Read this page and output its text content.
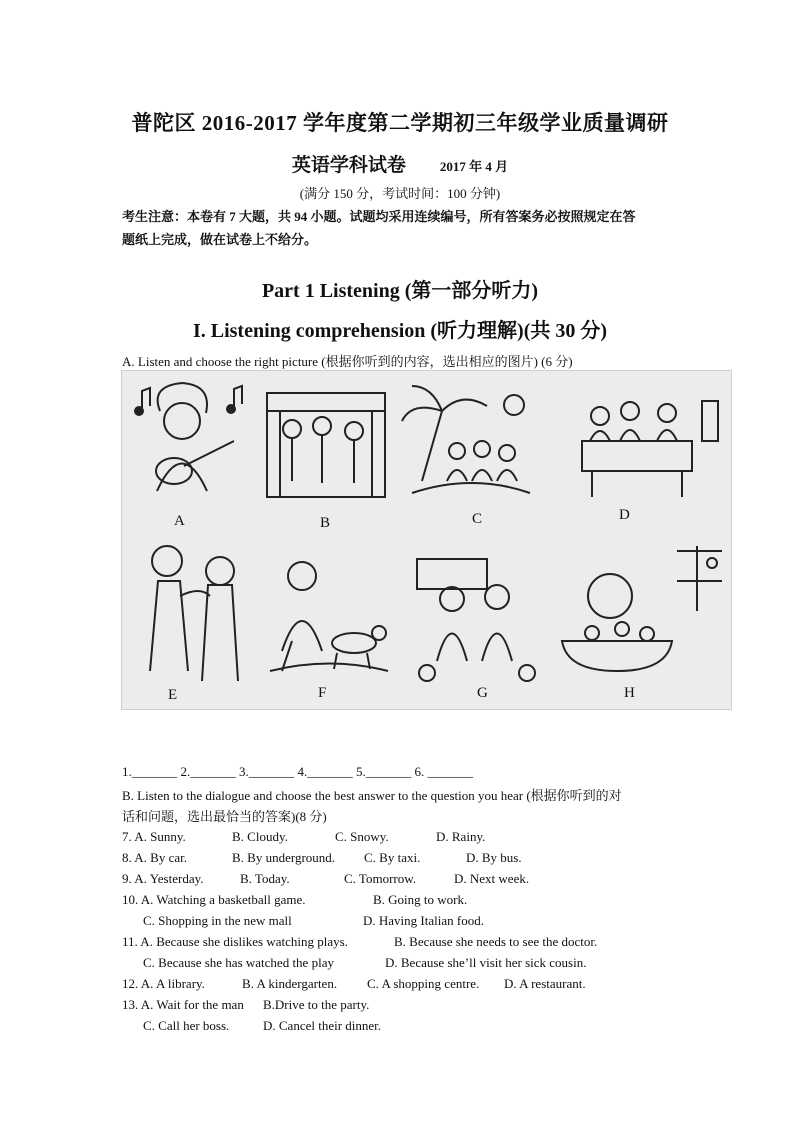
普陀区 2016-2017 学年度第二学期初三年级学业质量调研
英语学科试卷	2017 年 4 月
(满分 150 分，考试时间：100 分钟)
考生注意：本卷有 7 大题，共 94 小题。试题均采用连续编号，所有答案务必按照规定在答
题纸上完成，做在试卷上不给分。
Part 1 Listening (第一部分听力)
I. Listening comprehension (听力理解)(共 30 分)
A. Listen and choose the right picture (根据你听到的内容，选出相应的图片) (6 分)
A	B	C	D
E	F	G	H
1._______ 2._______ 3._______ 4._______ 5._______ 6. _______
B. Listen to the dialogue and choose the best answer to the question you hear (根据你听到的对
话和问题，选出最恰当的答案)(8 分)
7. A. Sunny.	B. Cloudy.	C. Snowy.	D. Rainy.
8. A. By car.	B. By underground. C. By taxi.	D. By bus.
9. A. Yesterday.	B. Today.	C. Tomorrow.	D. Next week.
10. A. Watching a basketball game.	B. Going to work.
C. Shopping in the new mall	D. Having Italian food.
11. A. Because she dislikes watching plays.	B. Because she needs to see the doctor.
C. Because she has watched the play	D. Because she’ll visit her sick cousin.
12. A. A library.	B. A kindergarten. C. A shopping centre. D. A restaurant.
13. A. Wait for the man B.Drive to the party.
C. Call her boss.	D. Cancel their dinner.
